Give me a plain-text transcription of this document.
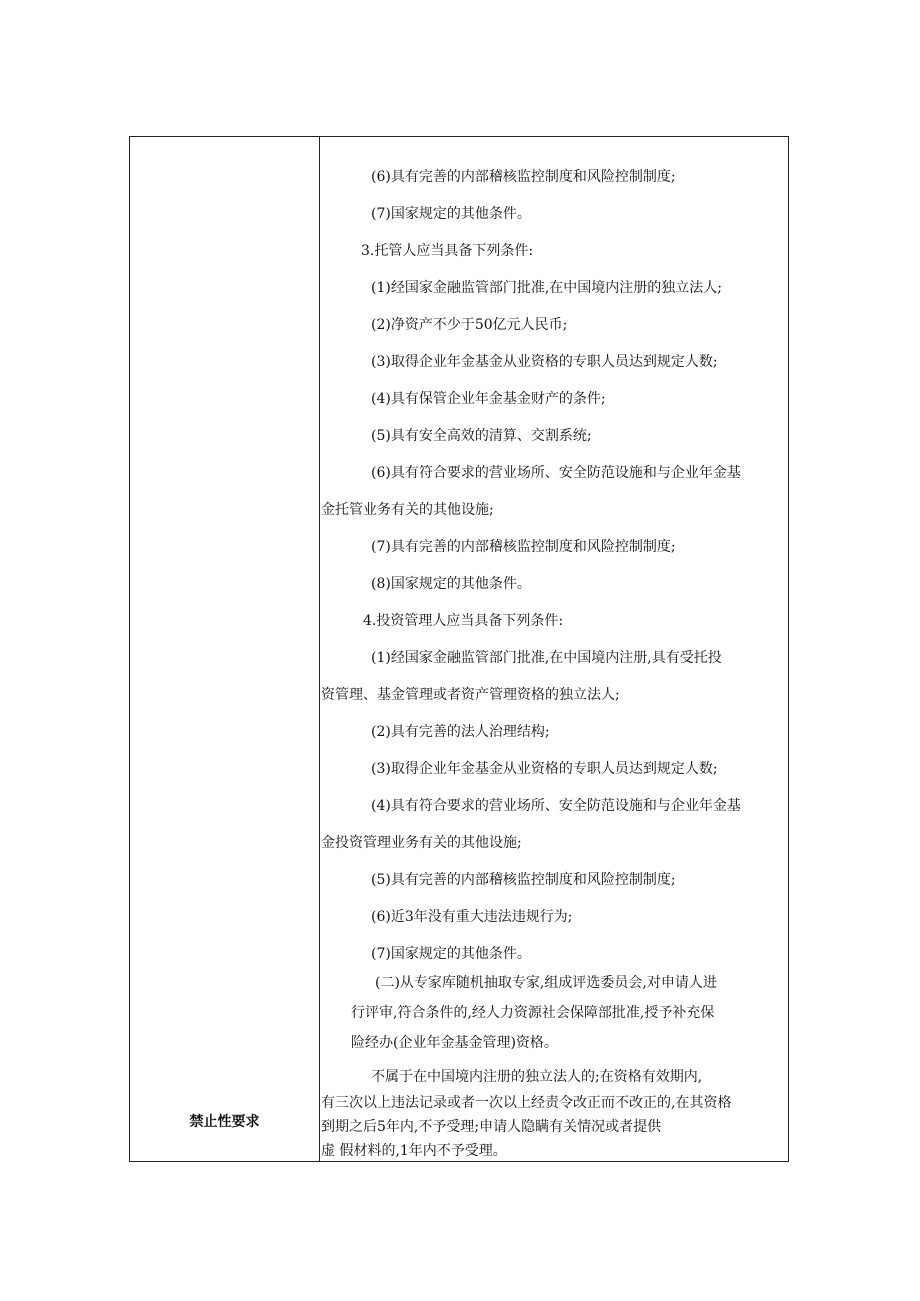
禁止性要求
(6)具有完善的内部稽核监控制度和风险控制制度;
(7)国家规定的其他条件。
3.托管人应当具备下列条件:
(1)经国家金融监管部门批准,在中国境内注册的独立法人;
(2)净资产不少于50亿元人民币;
(3)取得企业年金基金从业资格的专职人员达到规定人数;
(4)具有保管企业年金基金财产的条件;
(5)具有安全高效的清算、交割系统;
(6)具有符合要求的营业场所、安全防范设施和与企业年金基
金托管业务有关的其他设施;
(7)具有完善的内部稽核监控制度和风险控制制度;
(8)国家规定的其他条件。
4.投资管理人应当具备下列条件:
(1)经国家金融监管部门批准,在中国境内注册,具有受托投
资管理、基金管理或者资产管理资格的独立法人;
(2)具有完善的法人治理结构;
(3)取得企业年金基金从业资格的专职人员达到规定人数;
(4)具有符合要求的营业场所、安全防范设施和与企业年金基
金投资管理业务有关的其他设施;
(5)具有完善的内部稽核监控制度和风险控制制度;
(6)近3年没有重大违法违规行为;
(7)国家规定的其他条件。
(二)从专家库随机抽取专家,组成评选委员会,对申请人进
行评审,符合条件的,经人力资源社会保障部批准,授予补充保
险经办(企业年金基金管理)资格。
不属于在中国境内注册的独立法人的;在资格有效期内,
有三次以上违法记录或者一次以上经责令改正而不改正的,在其资格
到期之后5年内,不予受理;申请人隐瞒有关情况或者提供
虚 假材料的,1年内不予受理。
